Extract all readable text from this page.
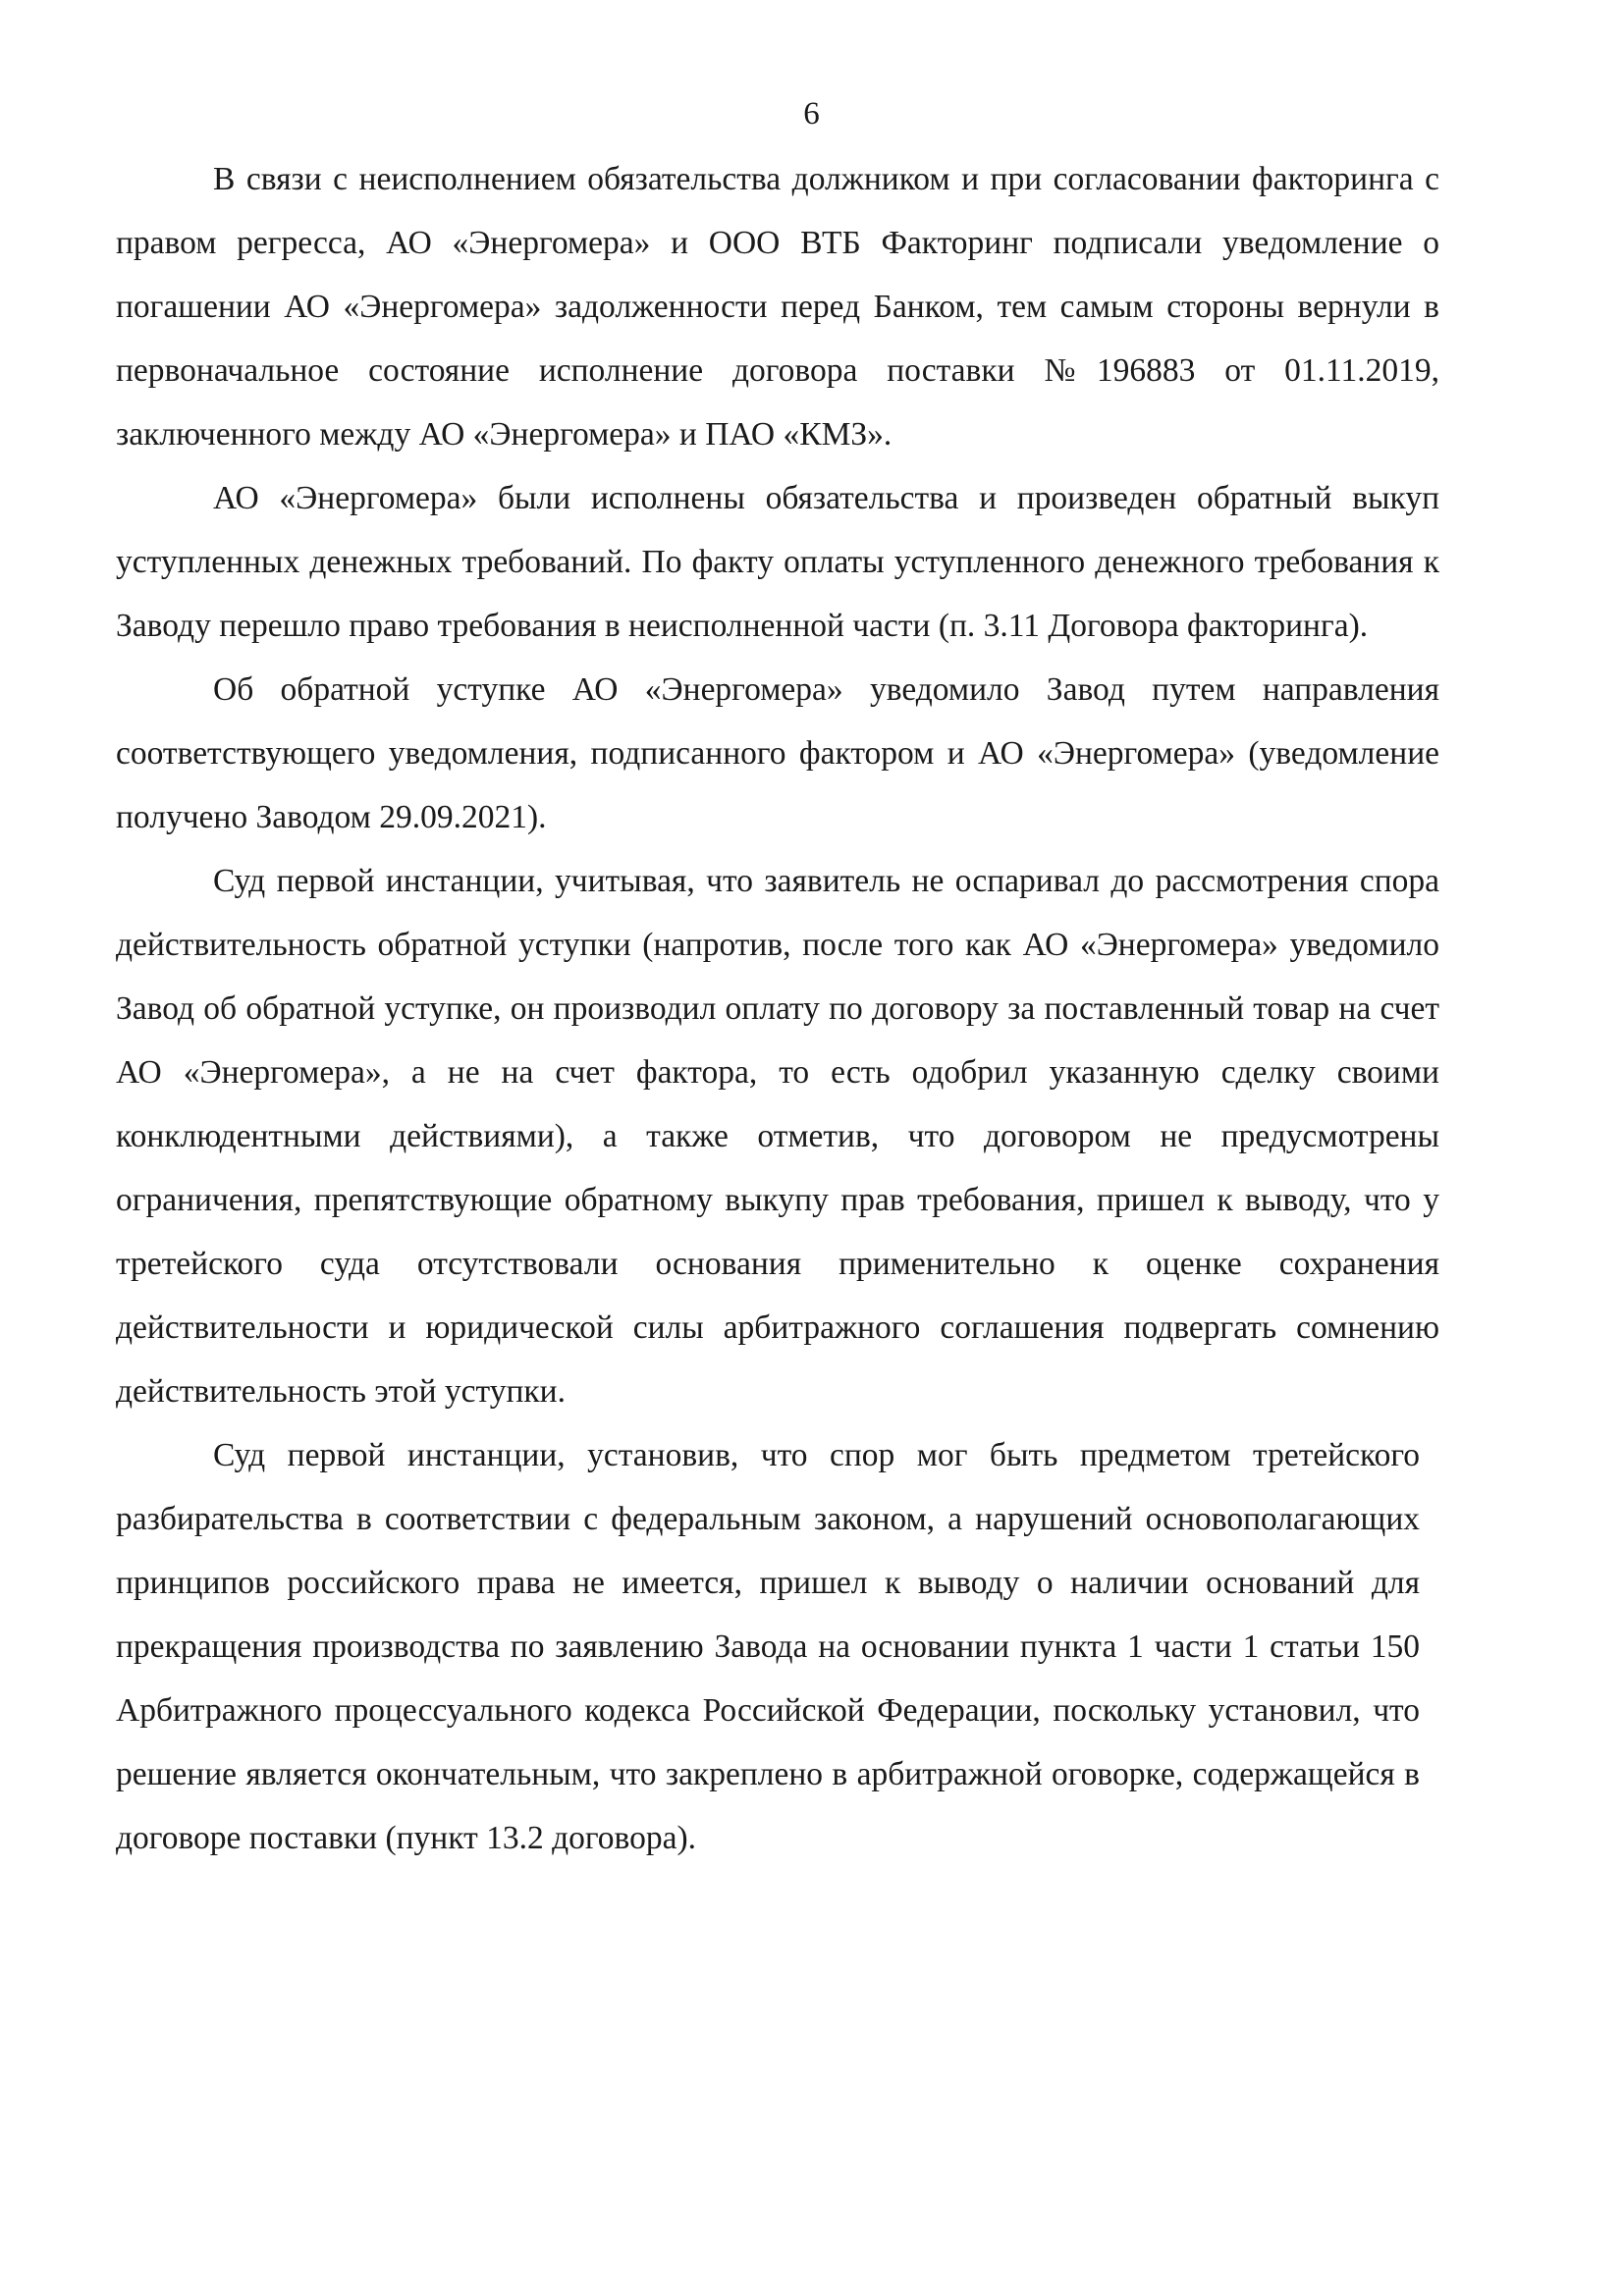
6

В связи с неисполнением обязательства должником и при согласовании факторинга с правом регресса, АО «Энергомера» и ООО ВТБ Факторинг подписали уведомление о погашении АО «Энергомера» задолженности перед Банком, тем самым стороны вернули в первоначальное состояние исполнение договора поставки №196883 от 01.11.2019, заключенного между АО «Энергомера» и ПАО «КМЗ».

АО «Энергомера» были исполнены обязательства и произведен обратный выкуп уступленных денежных требований. По факту оплаты уступленного денежного требования к Заводу перешло право требования в неисполненной части (п. 3.11 Договора факторинга).

Об обратной уступке АО «Энергомера» уведомило Завод путем направления соответствующего уведомления, подписанного фактором и АО «Энергомера» (уведомление получено Заводом 29.09.2021).

Суд первой инстанции, учитывая, что заявитель не оспаривал до рассмотрения спора действительность обратной уступки (напротив, после того как АО «Энергомера» уведомило Завод об обратной уступке, он производил оплату по договору за поставленный товар на счет АО «Энергомера», а не на счет фактора, то есть одобрил указанную сделку своими конклюдентными действиями), а также отметив, что договором не предусмотрены ограничения, препятствующие обратному выкупу прав требования, пришел к выводу, что у третейского суда отсутствовали основания применительно к оценке сохранения действительности и юридической силы арбитражного соглашения подвергать сомнению действительность этой уступки.

Суд первой инстанции, установив, что спор мог быть предметом третейского разбирательства в соответствии с федеральным законом, а нарушений основополагающих принципов российского права не имеется, пришел к выводу о наличии оснований для прекращения производства по заявлению Завода на основании пункта 1 части 1 статьи 150 Арбитражного процессуального кодекса Российской Федерации, поскольку установил, что решение является окончательным, что закреплено в арбитражной оговорке, содержащейся в договоре поставки (пункт 13.2 договора).
